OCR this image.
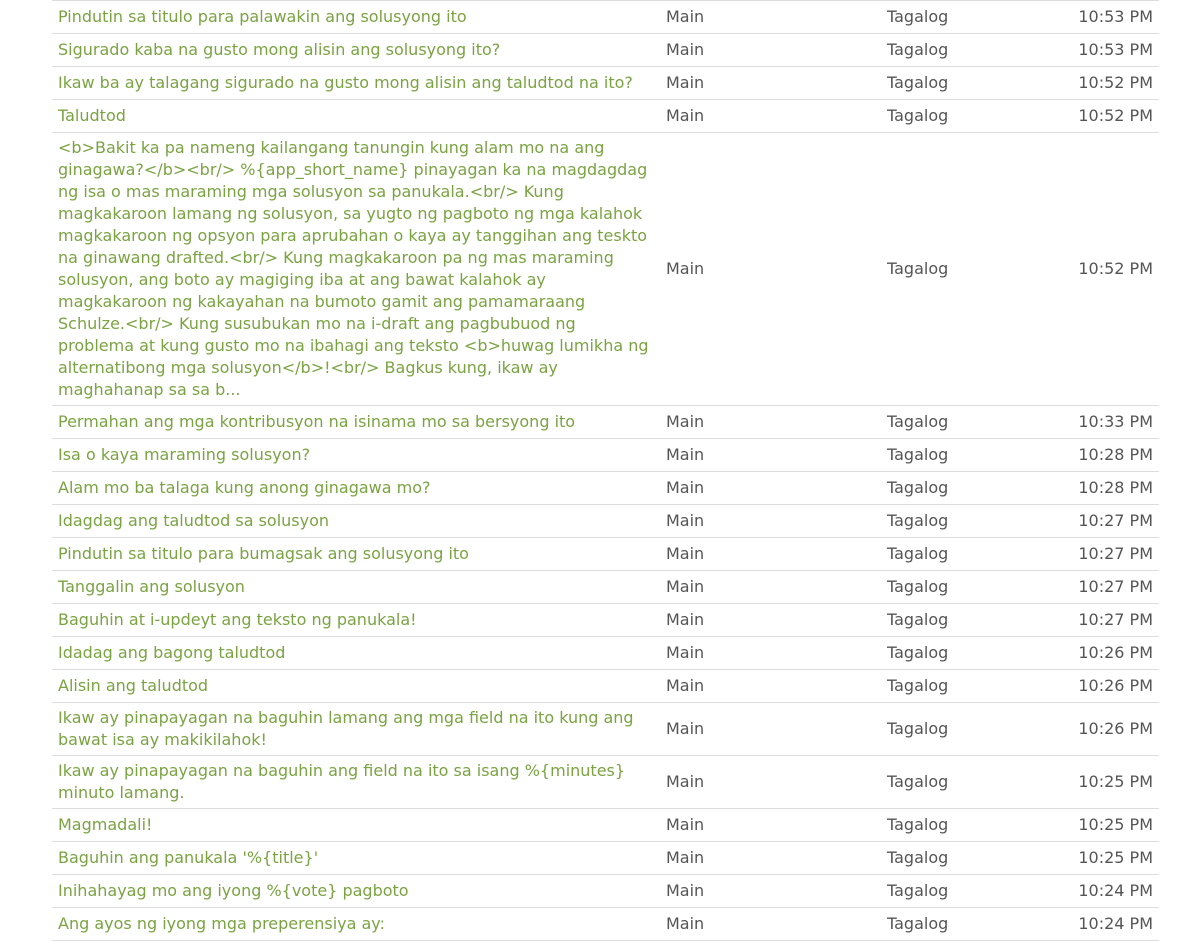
Pindutin sa titulo para palawakin ang solusyong ito	Main	Tagalog	10:53 PM
Sigurado kaba na gusto mong alisin ang solusyong ito?	Main	Tagalog	10:53 PM
Ikaw ba ay talagang sigurado na gusto mong alisin ang taludtod na ito?	Main	Tagalog	10:52 PM
Taludtod	Main	Tagalog	10:52 PM
<b>Bakit ka pa nameng kailangang tanungin kung alam mo na ang ginagawa?</b><br/> %{app_short_name} pinayagan ka na magdagdag ng isa o mas maraming mga solusyon sa panukala.<br/> Kung magkakaroon lamang ng solusyon, sa yugto ng pagboto ng mga kalahok magkakaroon ng opsyon para aprubahan o kaya ay tanggihan ang teskto na ginawang drafted.<br/> Kung magkakaroon pa ng mas maraming solusyon, ang boto ay magiging iba at ang bawat kalahok ay magkakaroon ng kakayahan na bumoto gamit ang pamamaraang Schulze.<br/> Kung susubukan mo na i-draft ang pagbubuod ng problema at kung gusto mo na ibahagi ang teksto <b>huwag lumikha ng alternatibong mga solusyon</b>!<br/> Bagkus kung, ikaw ay maghahanap sa sa b...	Main	Tagalog	10:52 PM
Permahan ang mga kontribusyon na isinama mo sa bersyong ito	Main	Tagalog	10:33 PM
Isa o kaya maraming solusyon?	Main	Tagalog	10:28 PM
Alam mo ba talaga kung anong ginagawa mo?	Main	Tagalog	10:28 PM
Idagdag ang taludtod sa solusyon	Main	Tagalog	10:27 PM
Pindutin sa titulo para bumagsak ang solusyong ito	Main	Tagalog	10:27 PM
Tanggalin ang solusyon	Main	Tagalog	10:27 PM
Baguhin at i-updeyt ang teksto ng panukala!	Main	Tagalog	10:27 PM
Idadag ang bagong taludtod	Main	Tagalog	10:26 PM
Alisin ang taludtod	Main	Tagalog	10:26 PM
Ikaw ay pinapayagan na baguhin lamang ang mga field na ito kung ang bawat isa ay makikilahok!	Main	Tagalog	10:26 PM
Ikaw ay pinapayagan na baguhin ang field na ito sa isang %{minutes} minuto lamang.	Main	Tagalog	10:25 PM
Magmadali!	Main	Tagalog	10:25 PM
Baguhin ang panukala '%{title}'	Main	Tagalog	10:25 PM
Inihahayag mo ang iyong %{vote} pagboto	Main	Tagalog	10:24 PM
Ang ayos ng iyong mga preperensiya ay:	Main	Tagalog	10:24 PM
